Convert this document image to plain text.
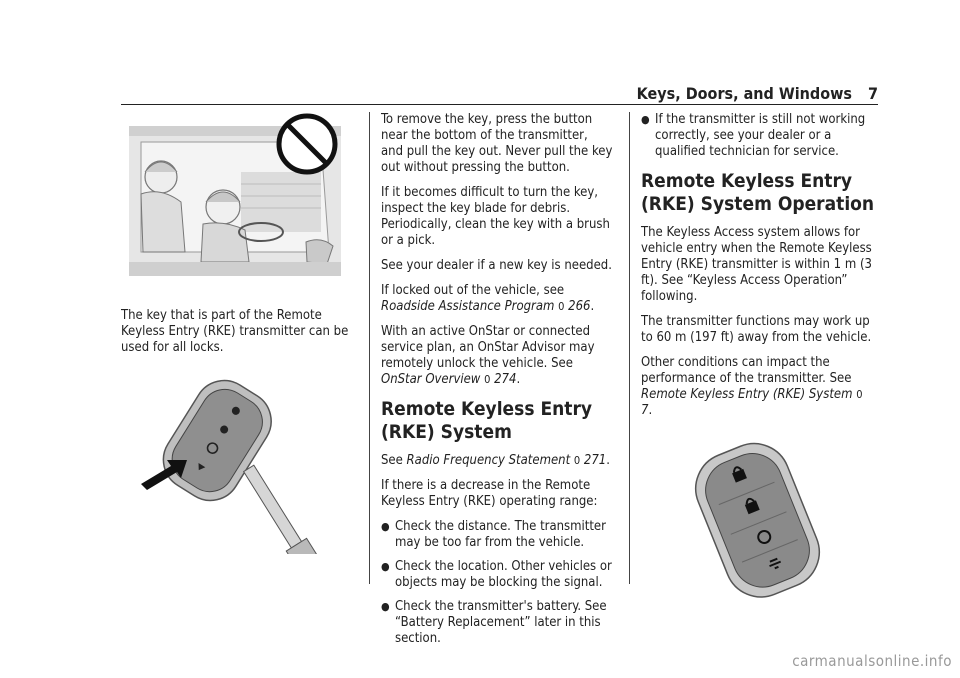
Keys, Doors, and Windows 7

The key that is part of the Remote Keyless Entry (RKE) transmitter can be used for all locks.

To remove the key, press the button near the bottom of the transmitter, and pull the key out. Never pull the key out without pressing the button.

If it becomes difficult to turn the key, inspect the key blade for debris. Periodically, clean the key with a brush or a pick.

See your dealer if a new key is needed.

If locked out of the vehicle, see Roadside Assistance Program 0 266.

With an active OnStar or connected service plan, an OnStar Advisor may remotely unlock the vehicle. See OnStar Overview 0 274.

Remote Keyless Entry (RKE) System

See Radio Frequency Statement 0 271.

If there is a decrease in the Remote Keyless Entry (RKE) operating range:

● Check the distance. The transmitter may be too far from the vehicle.
● Check the location. Other vehicles or objects may be blocking the signal.
● Check the transmitter's battery. See “Battery Replacement” later in this section.
● If the transmitter is still not working correctly, see your dealer or a qualified technician for service.
Remote Keyless Entry (RKE) System Operation

The Keyless Access system allows for vehicle entry when the Remote Keyless Entry (RKE) transmitter is within 1 m (3 ft). See “Keyless Access Operation” following.

The transmitter functions may work up to 60 m (197 ft) away from the vehicle.

Other conditions can impact the performance of the transmitter. See Remote Keyless Entry (RKE) System 0 7.

carmanualsonline.info
